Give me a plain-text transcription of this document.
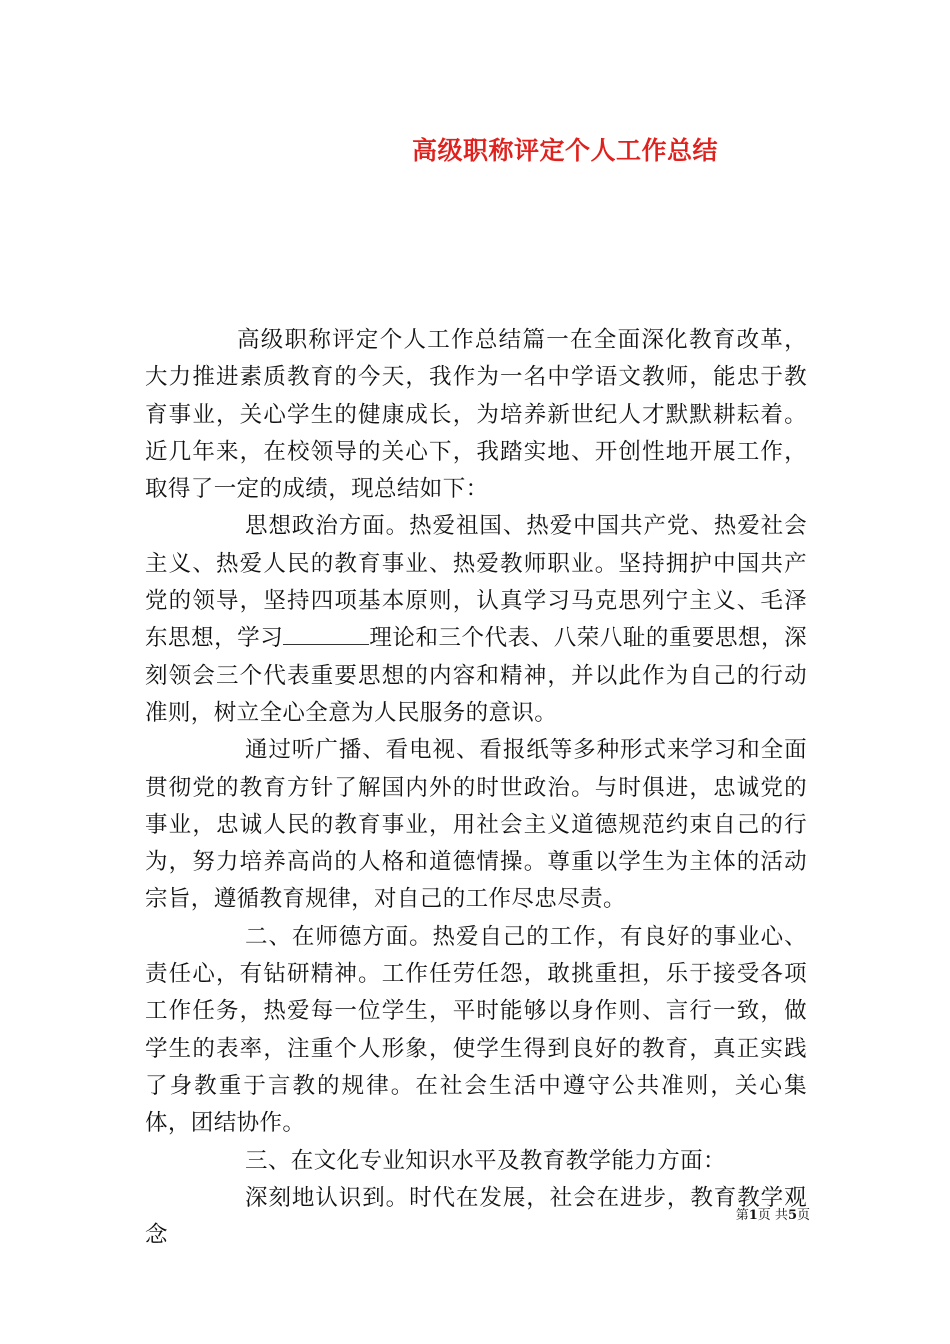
高级职称评定个人工作总结

高级职称评定个人工作总结篇一在全面深化教育改革，大力推进素质教育的今天，我作为一名中学语文教师，能忠于教育事业，关心学生的健康成长，为培养新世纪人才默默耕耘着。近几年来，在校领导的关心下，我踏实地、开创性地开展工作，取得了一定的成绩，现总结如下：

思想政治方面。热爱祖国、热爱中国共产党、热爱社会主义、热爱人民的教育事业、热爱教师职业。坚持拥护中国共产党的领导，坚持四项基本原则，认真学习马克思列宁主义、毛泽东思想，学习	理论和三个代表、八荣八耻的重要思想，深刻领会三个代表重要思想的内容和精神，并以此作为自己的行动准则，树立全心全意为人民服务的意识。

通过听广播、看电视、看报纸等多种形式来学习和全面贯彻党的教育方针了解国内外的时世政治。与时俱进，忠诚党的事业，忠诚人民的教育事业，用社会主义道德规范约束自己的行为，努力培养高尚的人格和道德情操。尊重以学生为主体的活动宗旨，遵循教育规律，对自己的工作尽忠尽责。

二、在师德方面。热爱自己的工作，有良好的事业心、责任心，有钻研精神。工作任劳任怨，敢挑重担，乐于接受各项工作任务，热爱每一位学生，平时能够以身作则、言行一致，做学生的表率，注重个人形象，使学生得到良好的教育，真正实践了身教重于言教的规律。在社会生活中遵守公共准则，关心集体，团结协作。

三、在文化专业知识水平及教育教学能力方面：

深刻地认识到。时代在发展，社会在进步，教育教学观念

第1页 共5页
